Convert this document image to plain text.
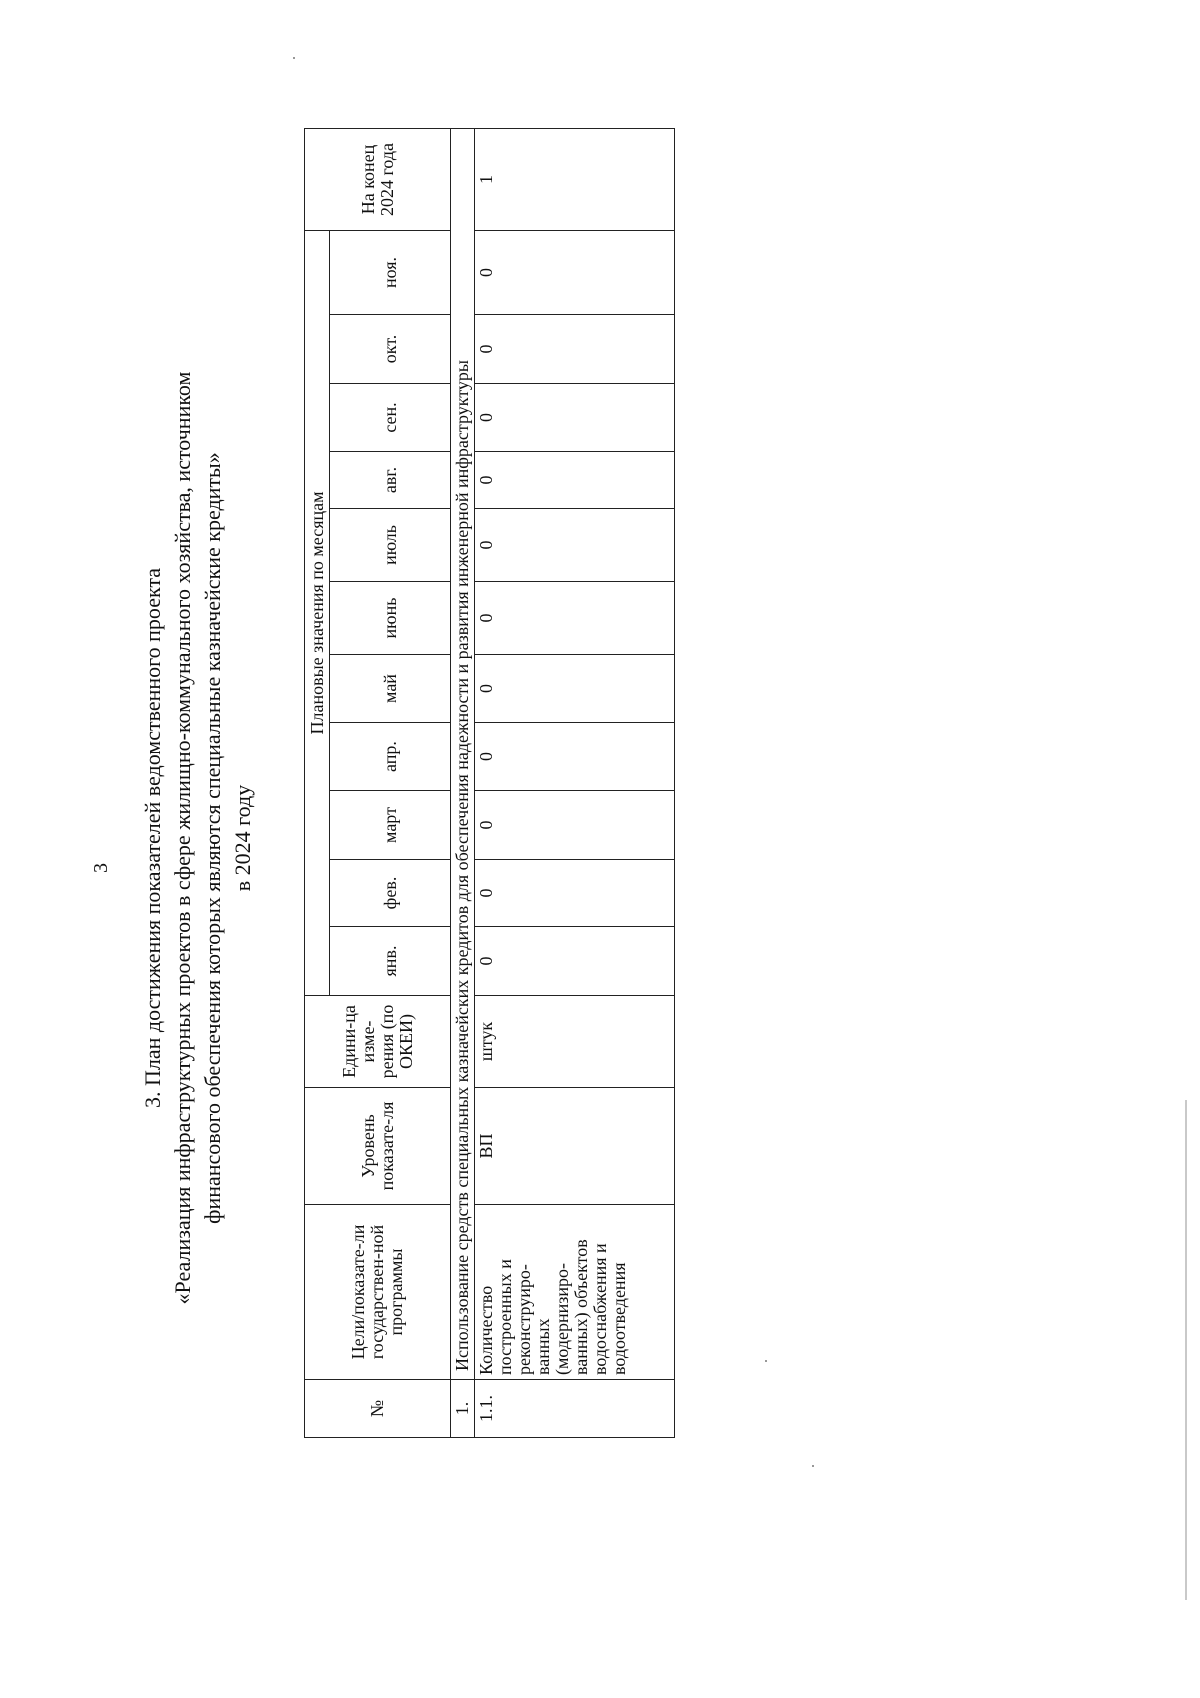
3 3. План достижения показателей ведомственного проекта «Реализация инфраструктурных проектов в сфере жилищно-коммунального хозяйства, источником финансового обеспечения которых являются специальные казначейские кредиты» в 2024 году
№	Цели/показате-ли государствен-ной программы	Уровень показате-ля	Едини-ца изме-рения (по ОКЕИ)	Плановые значения по месяцам											На конец 2024 года
				янв.	фев.	март	апр.	май	июнь	июль	авг.	сен.	окт.	ноя.	
1.	Использование средств специальных казначейских кредитов для обеспечения надежности и развития инженерной инфраструктуры														
1.1.	Количество построенных и реконструиро-ванных (модернизиро-ванных) объектов водоснабжения и водоотведения	ВП	штук	0	0	0	0	0	0	0	0	0	0	0	1
